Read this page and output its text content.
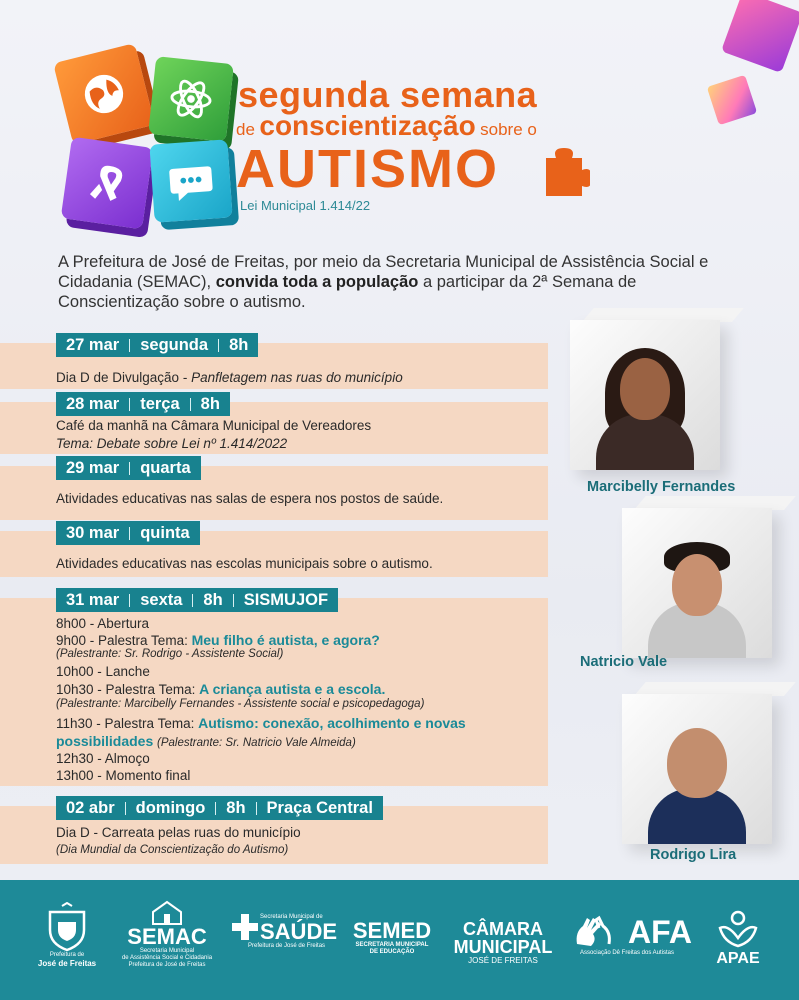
segunda semana
de conscientização sobre o
AUTISMO
Lei Municipal 1.414/22
A Prefeitura de José de Freitas, por meio da Secretaria Municipal de Assistência Social e Cidadania (SEMAC), convida toda a população a participar da 2ª Semana de Conscientização sobre o autismo.
27 mar segunda 8h
Dia D de Divulgação - Panfletagem nas ruas do município
28 mar terça 8h
Café da manhã na Câmara Municipal de Vereadores
Tema: Debate sobre Lei nº 1.414/2022
29 mar quarta
Atividades educativas nas salas de espera nos postos de saúde.
30 mar quinta
Atividades educativas nas escolas municipais sobre o autismo.
31 mar sexta 8h SISMUJOF
8h00 - Abertura
9h00 - Palestra Tema: Meu filho é autista, e agora?
(Palestrante: Sr. Rodrigo - Assistente Social)
10h00 - Lanche
10h30 - Palestra Tema: A criança autista e a escola.
(Palestrante: Marcibelly Fernandes - Assistente social e psicopedagoga)
11h30 - Palestra Tema: Autismo: conexão, acolhimento e novas
possibilidades (Palestrante: Sr. Natricio Vale Almeida)
12h30 - Almoço
13h00 - Momento final
02 abr domingo 8h Praça Central
Dia D - Carreata pelas ruas do município
(Dia Mundial da Conscientização do Autismo)
Marcibelly Fernandes
Natricio Vale
Rodrigo Lira
Prefeitura de
José de Freitas
SEMAC
Secretaria Municipal
de Assistência Social e Cidadania
Prefeitura de José de Freitas
Secretaria Municipal de
SAÚDE
Prefeitura de José de Freitas
SEMED
SECRETARIA MUNICIPAL
DE EDUCAÇÃO
CÂMARA
MUNICIPAL
JOSÉ DE FREITAS
AFA
Associação Dê Freitas dos Autistas	APAE
